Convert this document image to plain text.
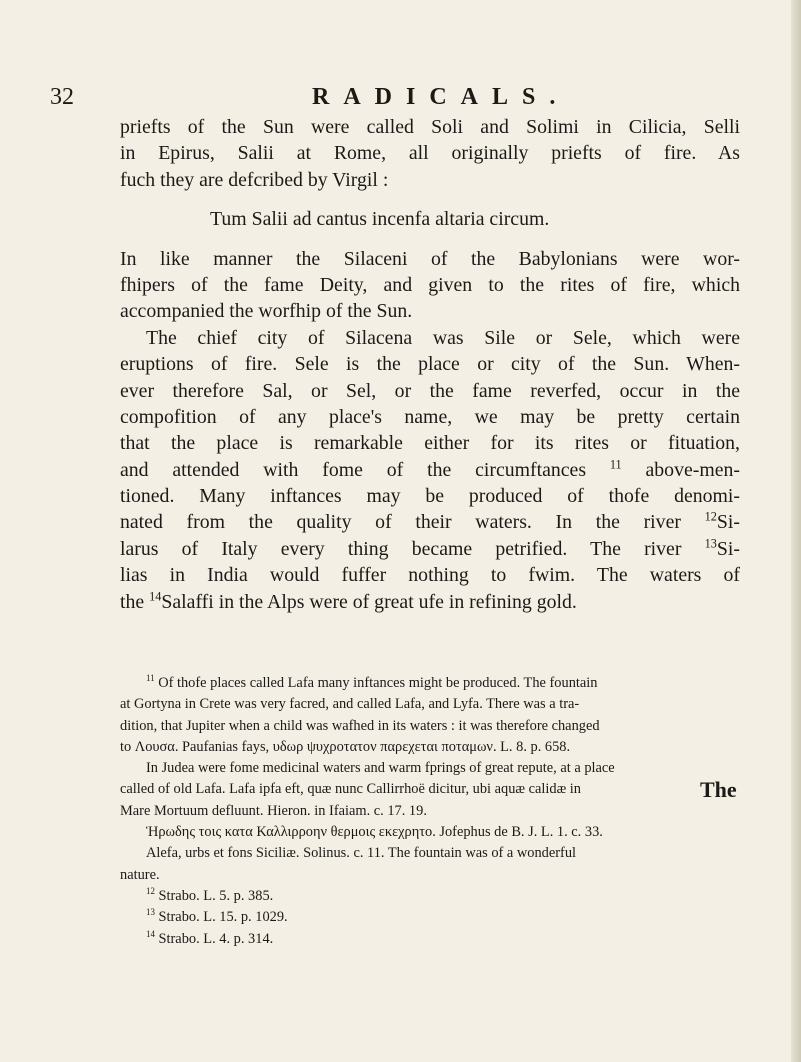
32	RADICALS.
priefts of the Sun were called Soli and Solimi in Cilicia, Selli
in Epirus, Salii at Rome, all originally priefts of fire. As
fuch they are defcribed by Virgil :
Tum Salii ad cantus incenfa altaria circum.
In like manner the Silaceni of the Babylonians were wor-
fhipers of the fame Deity, and given to the rites of fire, which
accompanied the worfhip of the Sun.
The chief city of Silacena was Sile or Sele, which were
eruptions of fire. Sele is the place or city of the Sun. When-
ever therefore Sal, or Sel, or the fame reverfed, occur in the
compofition of any place's name, we may be pretty certain
that the place is remarkable either for its rites or fituation,
and attended with fome of the circumftances $^{11}$ above-men-
tioned. Many inftances may be produced of thofe denomi-
nated from the quality of their waters. In the river $^{12}$Si-
larus of Italy every thing became petrified. The river $^{13}$Si-
lias in India would fuffer nothing to fwim. The waters of
the $^{14}$Salaffi in the Alps were of great ufe in refining gold.
$^{11}$ Of thofe places called Lafa many inftances might be produced. The fountain
at Gortyna in Crete was very facred, and called Lafa, and Lyfa. There was a tra-
dition, that Jupiter when a child was wafhed in its waters : it was therefore changed
to Λουσα. Paufanias fays, υδωρ ψυχροτατον παρεχεται ποταμων. L. 8. p. 658.
In Judea were fome medicinal waters and warm fprings of great repute, at a place
called of old Lafa. Lafa ipfa eft, quæ nunc Callirrhoë dicitur, ubi aquæ calidæ in
Mare Mortuum defluunt. Hieron. in Ifaiam. c. 17. 19.
Ἡρωδης τοις κατα Καλλιρροην θερμοις εκεχρητο. Jofephus de B. J. L. 1. c. 33.
Alefa, urbs et fons Siciliæ. Solinus. c. 11. The fountain was of a wonderful
nature.
$^{12}$ Strabo. L. 5. p. 385.
$^{13}$ Strabo. L. 15. p. 1029.
$^{14}$ Strabo. L. 4. p. 314.
The
